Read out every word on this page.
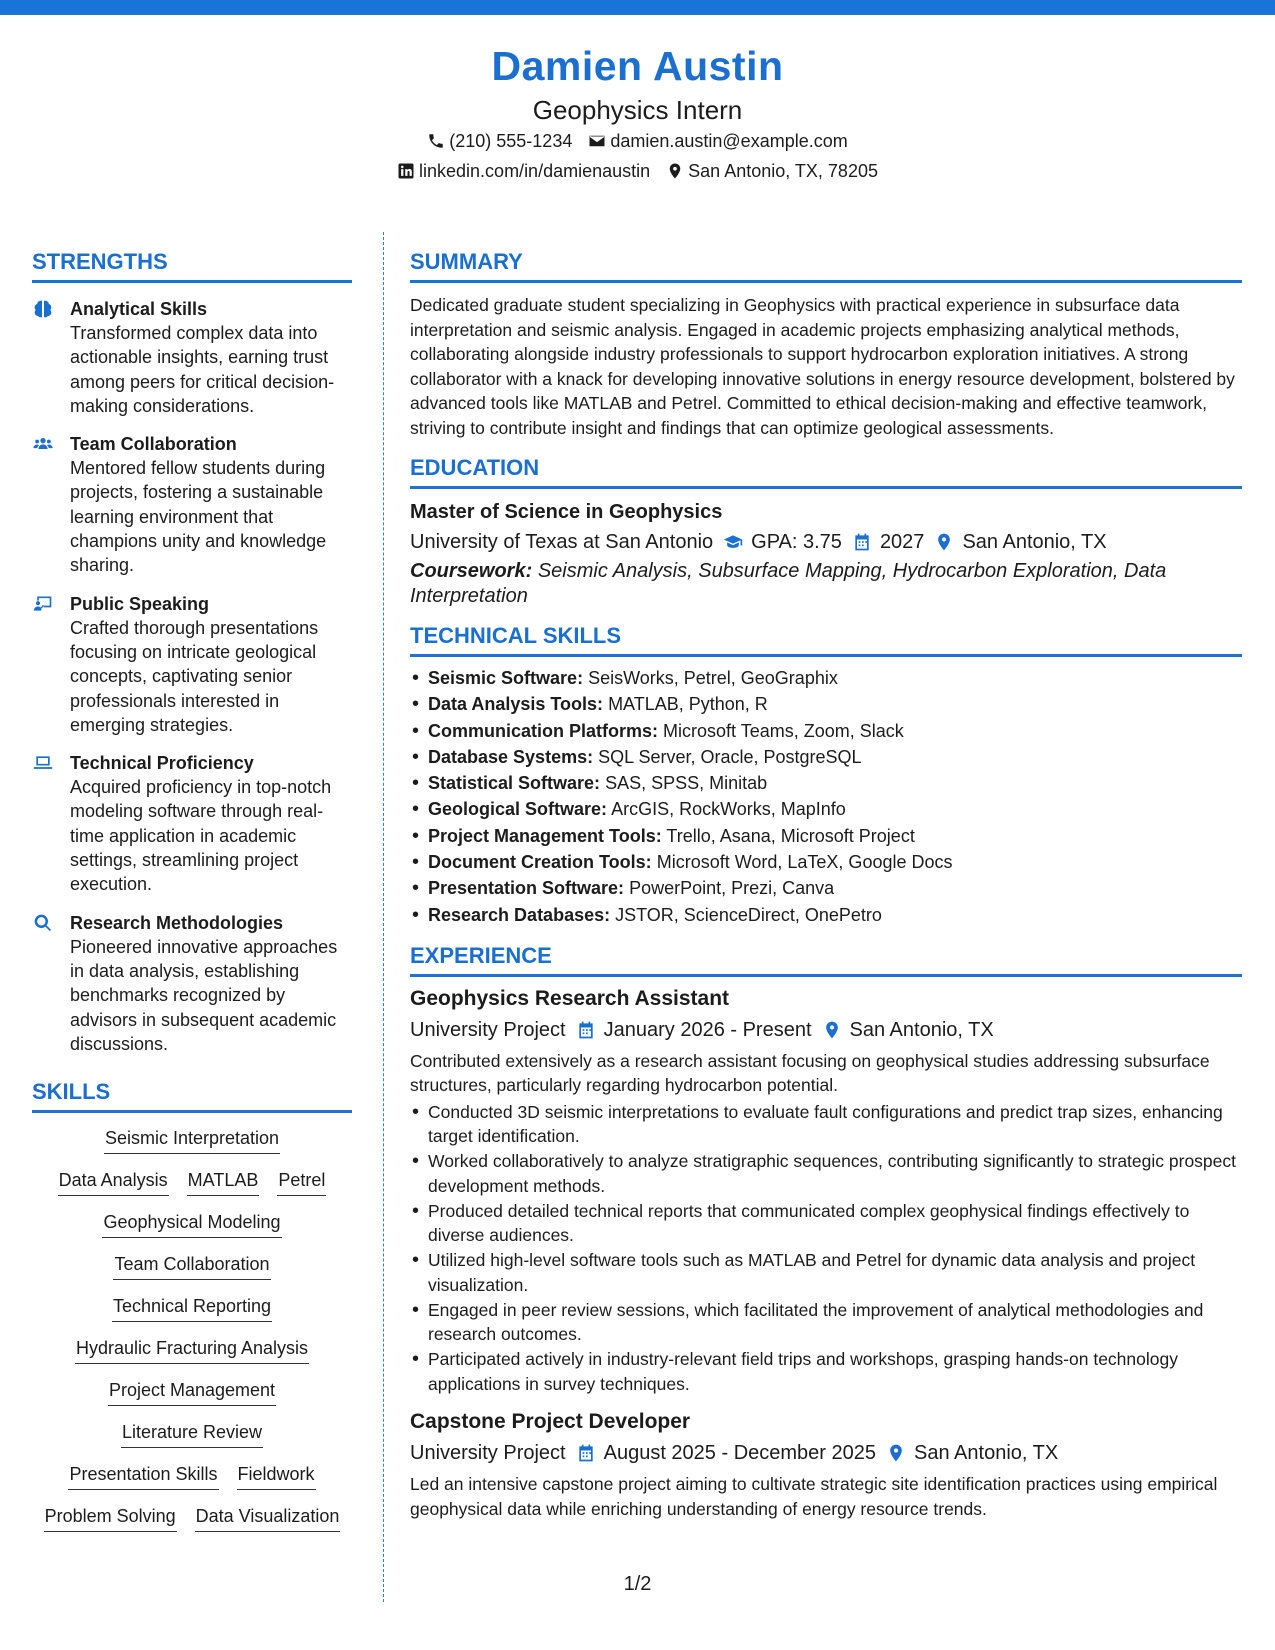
Damien Austin
Geophysics Intern
(210) 555-1234 damien.austin@example.com
linkedin.com/in/damienaustin San Antonio, TX, 78205
STRENGTHS
Analytical Skills
Transformed complex data into actionable insights, earning trust among peers for critical decision-making considerations.
Team Collaboration
Mentored fellow students during projects, fostering a sustainable learning environment that champions unity and knowledge sharing.
Public Speaking
Crafted thorough presentations focusing on intricate geological concepts, captivating senior professionals interested in emerging strategies.
Technical Proficiency
Acquired proficiency in top-notch modeling software through real-time application in academic settings, streamlining project execution.
Research Methodologies
Pioneered innovative approaches in data analysis, establishing benchmarks recognized by advisors in subsequent academic discussions.
SKILLS
Seismic Interpretation
Data Analysis MATLAB Petrel
Geophysical Modeling
Team Collaboration
Technical Reporting
Hydraulic Fracturing Analysis
Project Management
Literature Review
Presentation Skills Fieldwork
Problem Solving Data Visualization
SUMMARY
Dedicated graduate student specializing in Geophysics with practical experience in subsurface data interpretation and seismic analysis. Engaged in academic projects emphasizing analytical methods, collaborating alongside industry professionals to support hydrocarbon exploration initiatives. A strong collaborator with a knack for developing innovative solutions in energy resource development, bolstered by advanced tools like MATLAB and Petrel. Committed to ethical decision-making and effective teamwork, striving to contribute insight and findings that can optimize geological assessments.
EDUCATION
Master of Science in Geophysics
University of Texas at San Antonio GPA: 3.75 2027 San Antonio, TX
Coursework: Seismic Analysis, Subsurface Mapping, Hydrocarbon Exploration, Data Interpretation
TECHNICAL SKILLS
• Seismic Software: SeisWorks, Petrel, GeoGraphix
• Data Analysis Tools: MATLAB, Python, R
• Communication Platforms: Microsoft Teams, Zoom, Slack
• Database Systems: SQL Server, Oracle, PostgreSQL
• Statistical Software: SAS, SPSS, Minitab
• Geological Software: ArcGIS, RockWorks, MapInfo
• Project Management Tools: Trello, Asana, Microsoft Project
• Document Creation Tools: Microsoft Word, LaTeX, Google Docs
• Presentation Software: PowerPoint, Prezi, Canva
• Research Databases: JSTOR, ScienceDirect, OnePetro
EXPERIENCE
Geophysics Research Assistant
University Project January 2026 - Present San Antonio, TX
Contributed extensively as a research assistant focusing on geophysical studies addressing subsurface structures, particularly regarding hydrocarbon potential.
• Conducted 3D seismic interpretations to evaluate fault configurations and predict trap sizes, enhancing target identification.
• Worked collaboratively to analyze stratigraphic sequences, contributing significantly to strategic prospect development methods.
• Produced detailed technical reports that communicated complex geophysical findings effectively to diverse audiences.
• Utilized high-level software tools such as MATLAB and Petrel for dynamic data analysis and project visualization.
• Engaged in peer review sessions, which facilitated the improvement of analytical methodologies and research outcomes.
• Participated actively in industry-relevant field trips and workshops, grasping hands-on technology applications in survey techniques.
Capstone Project Developer
University Project August 2025 - December 2025 San Antonio, TX
Led an intensive capstone project aiming to cultivate strategic site identification practices using empirical geophysical data while enriching understanding of energy resource trends.
1/2
